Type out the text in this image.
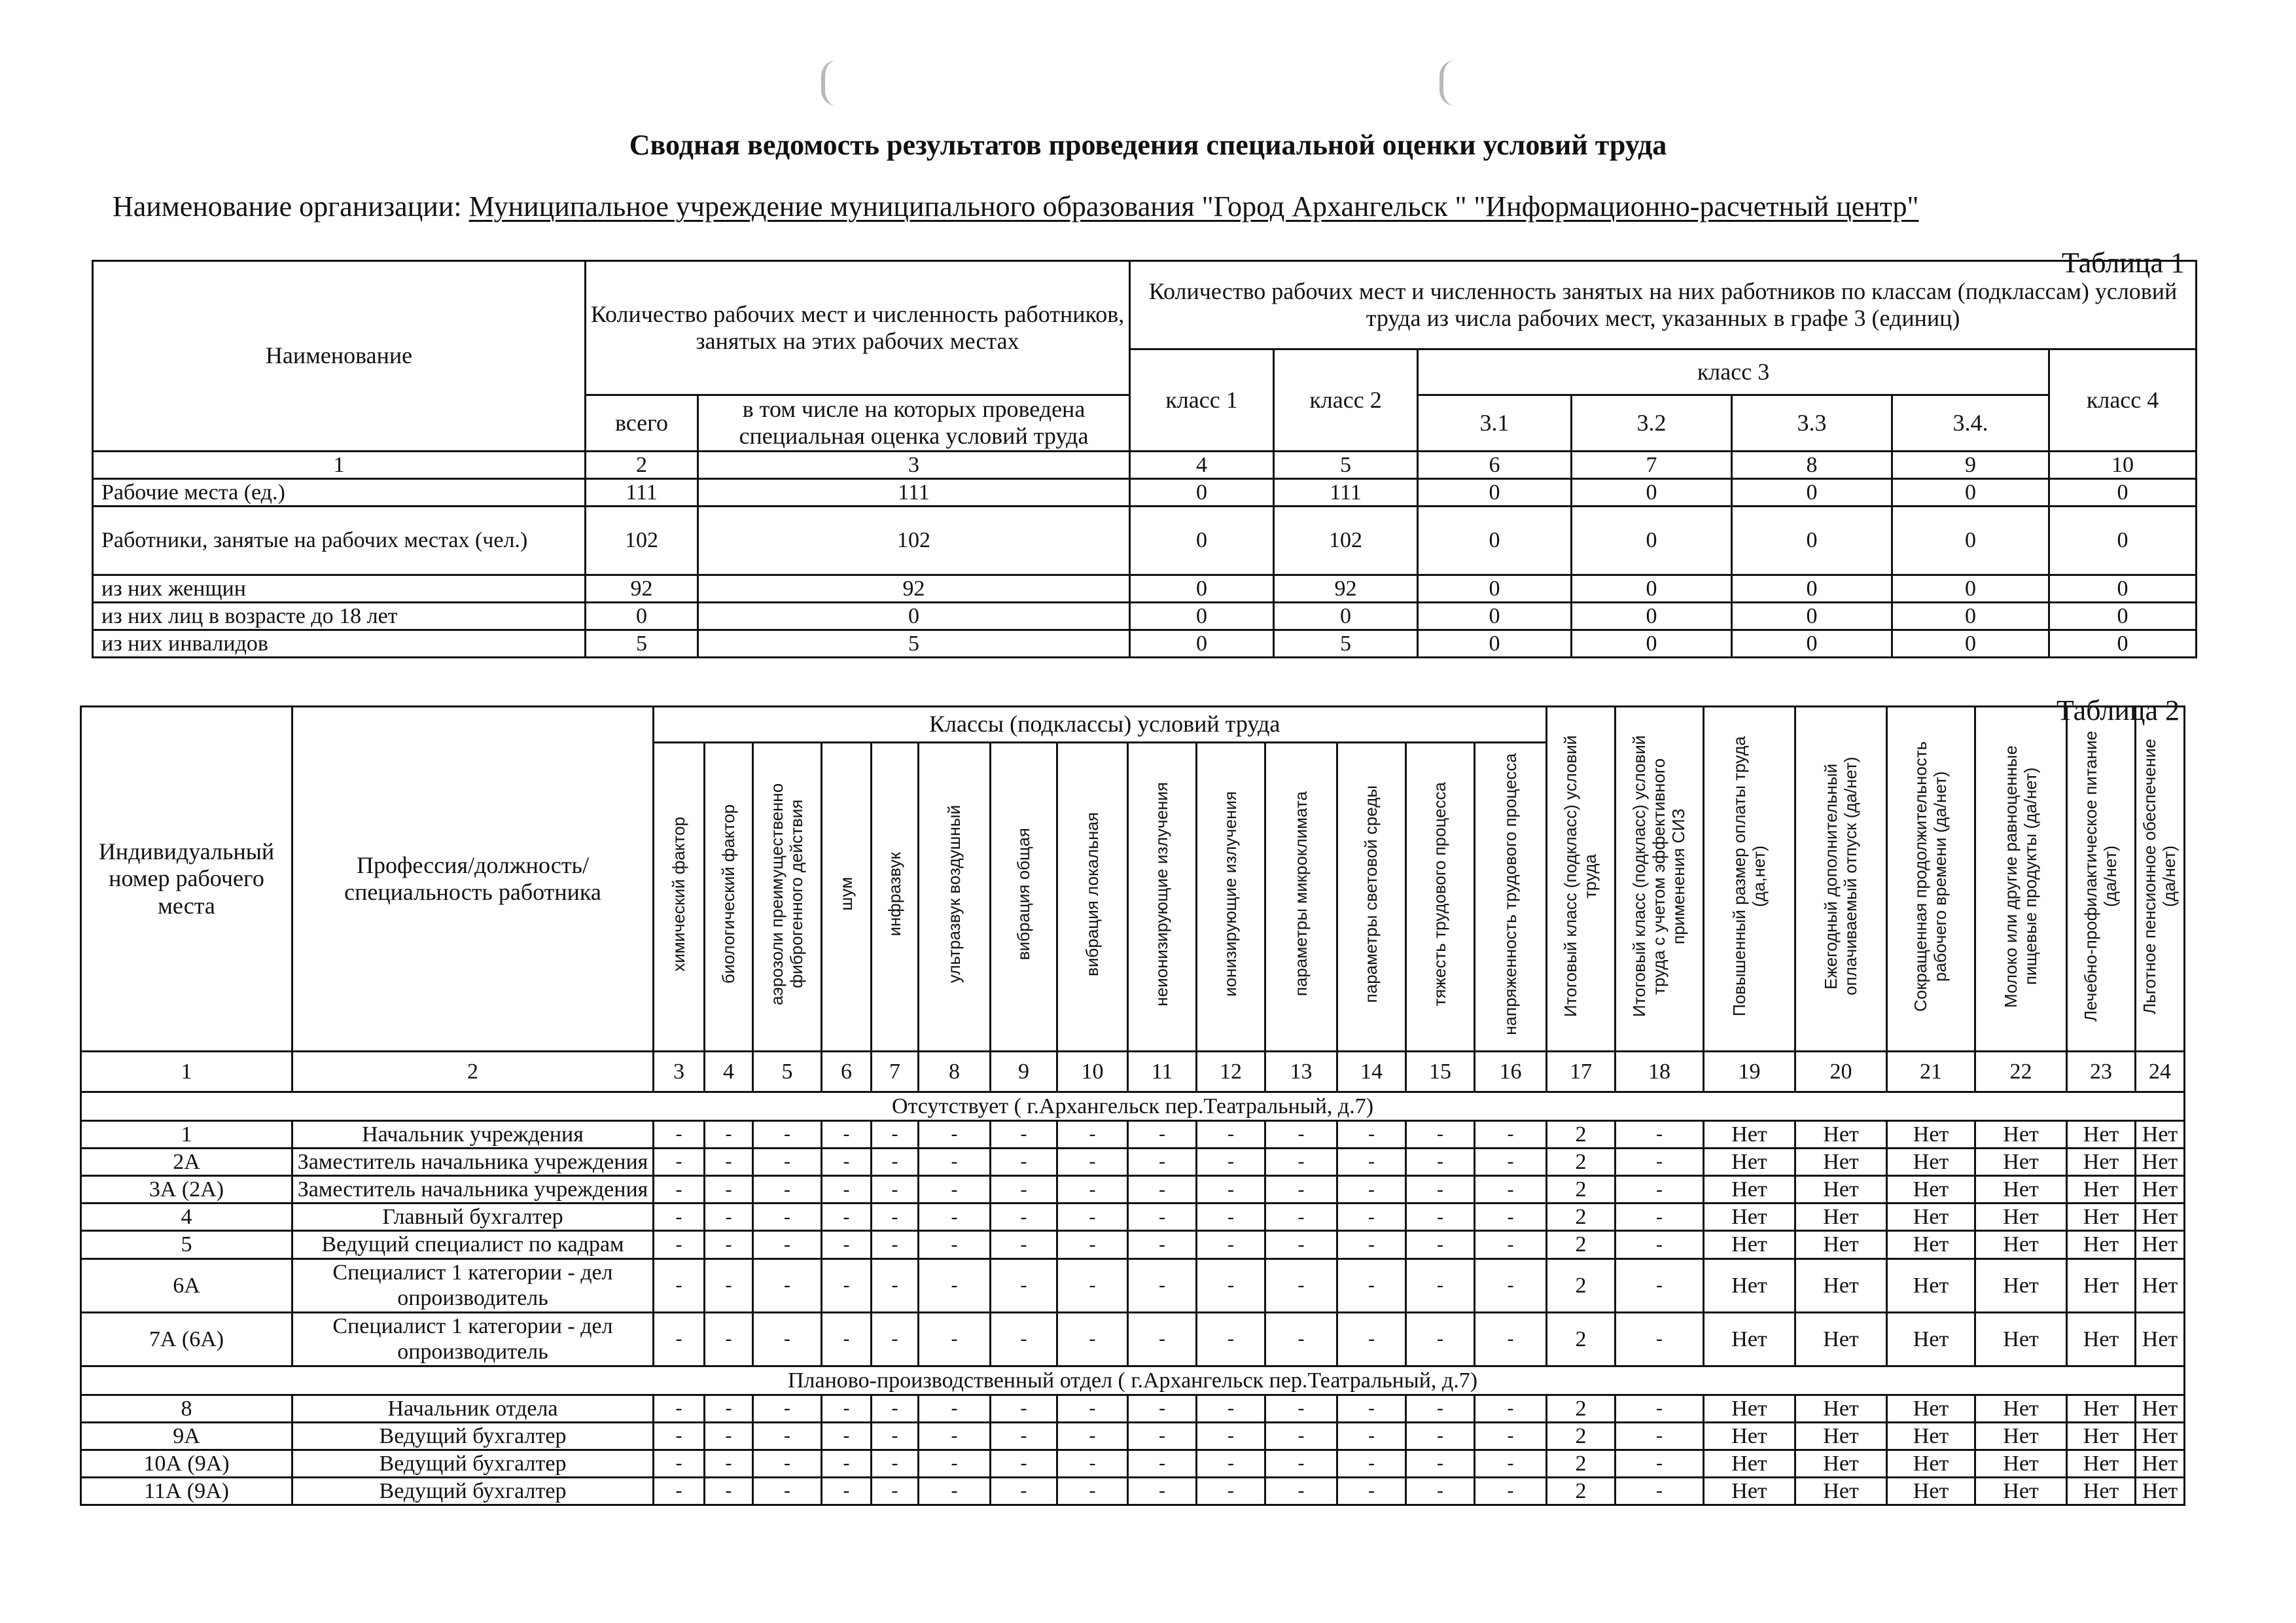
Сводная ведомость результатов проведения специальной оценки условий труда
Наименование организации: Муниципальное учреждение муниципального образования "Город Архангельск " "Информационно-расчетный центр"
Таблица 1
Наименование	Количество рабочих мест и численность работников, занятых на этих рабочих местах		Количество рабочих мест и численность занятых на них работников по классам (подклассам) условий труда из числа рабочих мест, указанных в графе 3 (единиц)						
			класс 1	класс 2	класс 3				класс 4
	всего	в том числе на которых проведена специальная оценка условий труда			3.1	3.2	3.3	3.4.	
1	2	3	4	5	6	7	8	9	10
Рабочие места (ед.)	111	111	0	111	0	0	0	0	0
Работники, занятые на рабочих местах (чел.)	102	102	0	102	0	0	0	0	0
из них женщин	92	92	0	92	0	0	0	0	0
из них лиц в возрасте до 18 лет	0	0	0	0	0	0	0	0	0
из них инвалидов	5	5	0	5	0	0	0	0	0
Таблица 2
Индивидуальный номер рабочего места	Профессия/должность/специальность работника	Классы (подклассы) условий труда														Итоговый класс (подкласс) условий труда	Итоговый класс (подкласс) условий труда с учетом эффективного применения СИЗ	Повышенный размер оплаты труда (да,нет)	Ежегодный дополнительный оплачиваемый отпуск (да/нет)	Сокращенная продолжительность рабочего времени (да/нет)	Молоко или другие равноценные пищевые продукты (да/нет)	Лечебно-профилактическое питание (да/нет)	Льготное пенсионное обеспечение (да/нет)
		химический фактор	биологический фактор	аэрозоли преимущественно фиброгенного действия	шум	инфразвук	ультразвук воздушный	вибрация общая	вибрация локальная	неионизирующие излучения	ионизирующие излучения	параметры микроклимата	параметры световой среды	тяжесть трудового процесса	напряженность трудового процесса								
1	2	3	4	5	6	7	8	9	10	11	12	13	14	15	16	17	18	19	20	21	22	23	24
Отсутствует ( г.Архангельск пер.Театральный, д.7)																							
1	Начальник учреждения	-	-	-	-	-	-	-	-	-	-	-	-	-	-	2	-	Нет	Нет	Нет	Нет	Нет	Нет
2А	Заместитель начальника учреждения	-	-	-	-	-	-	-	-	-	-	-	-	-	-	2	-	Нет	Нет	Нет	Нет	Нет	Нет
3А (2А)	Заместитель начальника учреждения	-	-	-	-	-	-	-	-	-	-	-	-	-	-	2	-	Нет	Нет	Нет	Нет	Нет	Нет
4	Главный бухгалтер	-	-	-	-	-	-	-	-	-	-	-	-	-	-	2	-	Нет	Нет	Нет	Нет	Нет	Нет
5	Ведущий специалист по кадрам	-	-	-	-	-	-	-	-	-	-	-	-	-	-	2	-	Нет	Нет	Нет	Нет	Нет	Нет
6А	Специалист 1 категории - делопроизводитель	-	-	-	-	-	-	-	-	-	-	-	-	-	-	2	-	Нет	Нет	Нет	Нет	Нет	Нет
7А (6А)	Специалист 1 категории - делопроизводитель	-	-	-	-	-	-	-	-	-	-	-	-	-	-	2	-	Нет	Нет	Нет	Нет	Нет	Нет
Планово-производственный отдел ( г.Архангельск пер.Театральный, д.7)																							
8	Начальник отдела	-	-	-	-	-	-	-	-	-	-	-	-	-	-	2	-	Нет	Нет	Нет	Нет	Нет	Нет
9А	Ведущий бухгалтер	-	-	-	-	-	-	-	-	-	-	-	-	-	-	2	-	Нет	Нет	Нет	Нет	Нет	Нет
10А (9А)	Ведущий бухгалтер	-	-	-	-	-	-	-	-	-	-	-	-	-	-	2	-	Нет	Нет	Нет	Нет	Нет	Нет
11А (9А)	Ведущий бухгалтер	-	-	-	-	-	-	-	-	-	-	-	-	-	-	2	-	Нет	Нет	Нет	Нет	Нет	Нет
